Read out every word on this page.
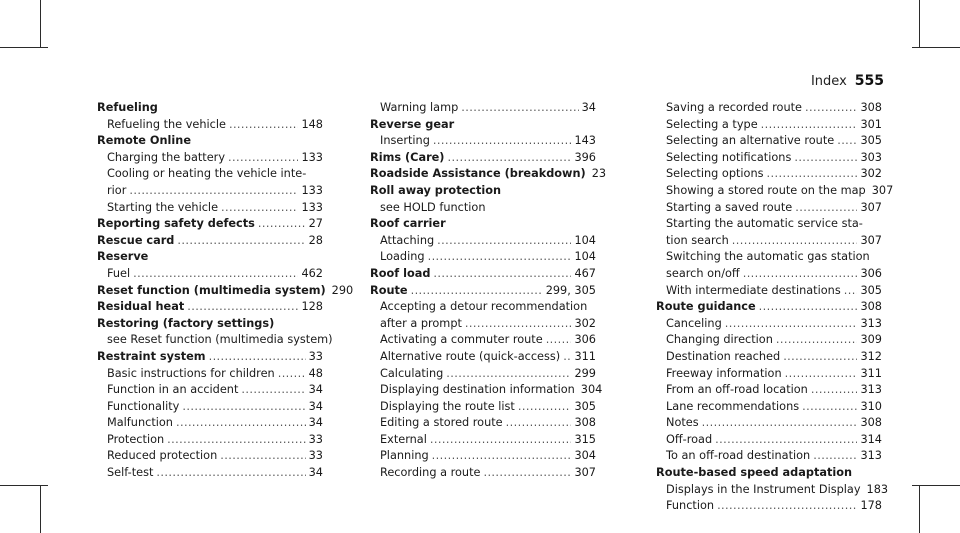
Index 555
Refueling
Refueling the vehicle .....	148
Remote Online
Charging the battery .....	133
Cooling or heating the vehicle inte-
rior .....	133
Starting the vehicle .....	133
Reporting safety defects .....	27
Rescue card .....	28
Reserve
Fuel .....	462
Reset function (multimedia system) 290
Residual heat .....	128
Restoring (factory settings)
see Reset function (multimedia system)
Restraint system .....	33
Basic instructions for children .....	48
Function in an accident .....	34
Functionality .....	34
Malfunction .....	34
Protection .....	33
Reduced protection .....	33
Self-test .....	34
Warning lamp .....	34
Reverse gear
Inserting .....	143
Rims (Care) .....	396
Roadside Assistance (breakdown) 23
Roll away protection
see HOLD function
Roof carrier
Attaching .....	104
Loading .....	104
Roof load .....	467
Route .....	299, 305
Accepting a detour recommendation
after a prompt .....	302
Activating a commuter route .....	306
Alternative route (quick-access) ..... 311
Calculating .....	299
Displaying destination information 304
Displaying the route list .....	305
Editing a stored route .....	308
External .....	315
Planning .....	304
Recording a route .....	307
Saving a recorded route .....	308
Selecting a type .....	301
Selecting an alternative route ..... 305
Selecting notifications .....	303
Selecting options .....	302
Showing a stored route on the map 307
Starting a saved route .....	307
Starting the automatic service sta-
tion search .....	307
Switching the automatic gas station
search on/off .....	306
With intermediate destinations ..... 305
Route guidance .....	308
Canceling .....	313
Changing direction .....	309
Destination reached .....	312
Freeway information .....	311
From an off-road location .....	313
Lane recommendations .....	310
Notes .....	308
Off-road .....	314
To an off-road destination .....	313
Route-based speed adaptation
Displays in the Instrument Display 183
Function .....	178
